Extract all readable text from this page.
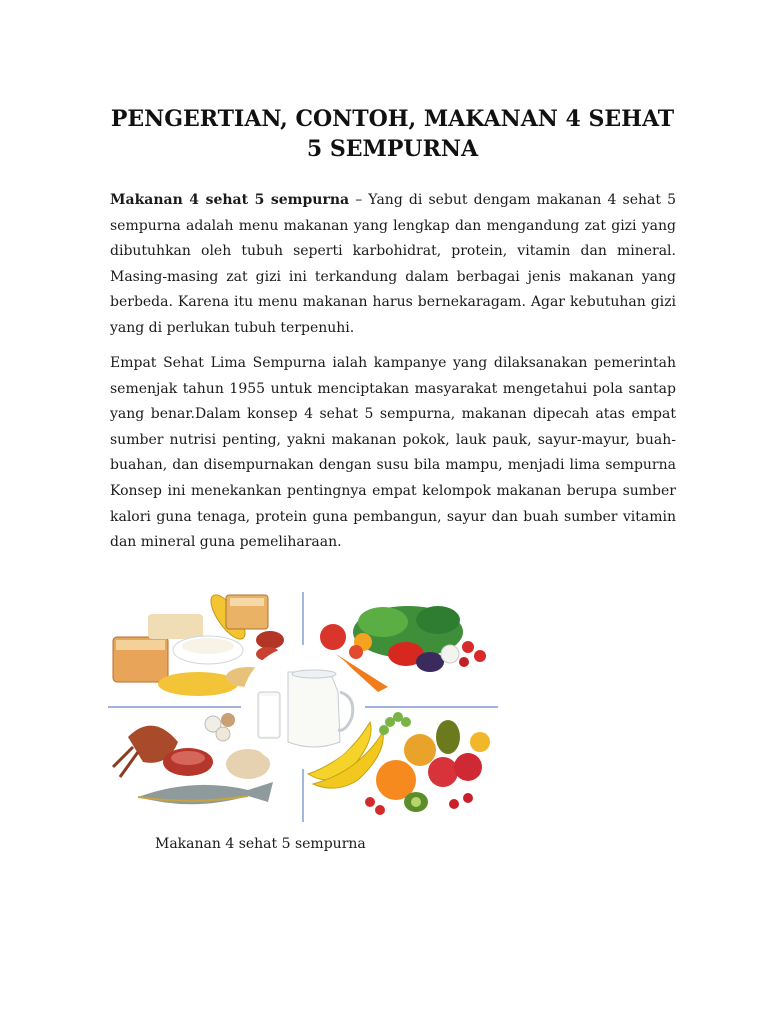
PENGERTIAN, CONTOH, MAKANAN 4 SEHAT 5 SEMPURNA

Makanan 4 sehat 5 sempurna – Yang di sebut dengam makanan 4 sehat 5 sempurna adalah menu makanan yang lengkap dan mengandung zat gizi yang dibutuhkan oleh tubuh seperti karbohidrat, protein, vitamin dan mineral. Masing-masing zat gizi ini terkandung dalam berbagai jenis makanan yang berbeda. Karena itu menu makanan harus bernekaragam. Agar kebutuhan gizi yang di perlukan tubuh terpenuhi.

Empat Sehat Lima Sempurna ialah kampanye yang dilaksanakan pemerintah semenjak tahun 1955 untuk menciptakan masyarakat mengetahui pola santap yang benar.Dalam konsep 4 sehat 5 sempurna, makanan dipecah atas empat sumber nutrisi penting, yakni makanan pokok, lauk pauk, sayur-mayur, buah-buahan, dan disempurnakan dengan susu bila mampu, menjadi lima sempurna Konsep ini menekankan pentingnya empat kelompok makanan berupa sumber kalori guna tenaga, protein guna pembangun, sayur dan buah sumber vitamin dan mineral guna pemeliharaan.

Makanan 4 sehat 5 sempurna
